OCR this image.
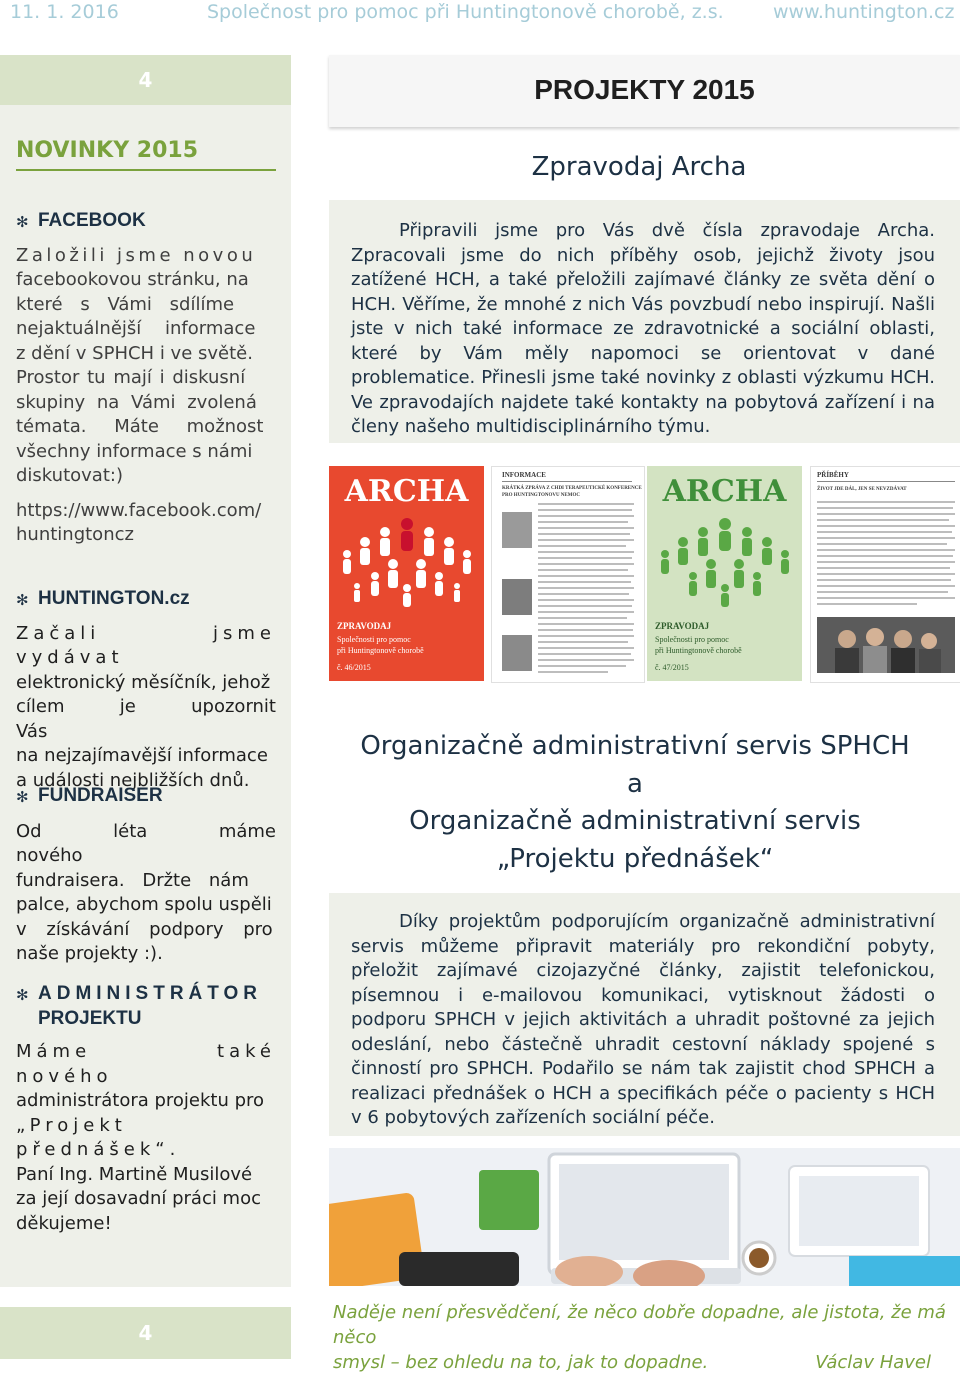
11. 1. 2016	Společnost pro pomoc při Huntingtonově chorobě, z.s.	www.huntington.cz
4
NOVINKY 2015
✻ FACEBOOK
Založili jsme novou
facebookovou stránku, na
které s Vámi sdílíme
nejaktuálnější informace
z dění v SPHCH i ve světě.
Prostor tu mají i diskusní
skupiny na Vámi zvolená
témata. Máte možnost
všechny informace s námi
diskutovat:)
https://www.facebook.com/
huntingtoncz
✻ HUNTINGTON.cz
Začali jsme vydávat
elektronický měsíčník, jehož
cílem je upozornit Vás
na nejzajímavější informace
a události nejbližších dnů.
✻ FUNDRAISER
Od léta máme nového
fundraisera. Držte nám
palce, abychom spolu uspěli
v získávání podpory pro
naše projekty :).
✻ ADMINISTRÁTOR
PROJEKTU
Máme také nového
administrátora projektu pro
„Projekt přednášek“.
Paní Ing. Martině Musilové
za její dosavadní práci moc
děkujeme!
PROJEKTY 2015
Zpravodaj Archa
Připravili jsme pro Vás dvě čísla zpravodaje Archa. Zpracovali jsme do nich příběhy osob, jejichž životy jsou zatížené HCH, a také přeložili zajímavé články ze světa dění o HCH. Věříme, že mnohé z nich Vás povzbudí nebo inspirují. Našli jste v nich také informace ze zdravotnické a sociální oblasti, které by Vám měly napomoci se orientovat v dané problematice. Přinesli jsme také novinky z oblasti výzkumu HCH. Ve zpravodajích najdete také kontakty na pobytová zařízení i na členy našeho multidisciplinárního týmu.
ARCHA
ZPRAVODAJ
Společnosti pro pomoc
při Huntingtonově chorobě
č. 46/2015
INFORMACE
KRÁTKÁ ZPRÁVA Z CHDI TERAPEUTICKÉ KONFERENCE
PRO HUNTINGTONOVU NEMOC	ARCHA
ZPRAVODAJ
Společnosti pro pomoc
při Huntingtonově chorobě
č. 47/2015
PŘÍBĚHY
ŽIVOT JDE DÁL, JEN SE NEVZDÁVAT
Organizačně administrativní servis SPHCH
a
Organizačně administrativní servis
„Projektu přednášek“
Díky projektům podporujícím organizačně administrativní servis můžeme připravit materiály pro rekondiční pobyty, přeložit zajímavé cizojazyčné články, zajistit telefonickou, písemnou i e-mailovou komunikaci, vytisknout žádosti o podporu SPHCH v jejich aktivitách a uhradit poštovné za jejich odeslání, nebo částečně uhradit cestovní náklady spojené s činností pro SPHCH. Podařilo se nám tak zajistit chod SPHCH a realizaci přednášek o HCH a specifikách péče o pacienty s HCH v 6 pobytových zařízeních sociální péče.
4
Naděje není přesvědčení, že něco dobře dopadne, ale jistota, že má něco
smysl – bez ohledu na to, jak to dopadne.	Václav Havel
